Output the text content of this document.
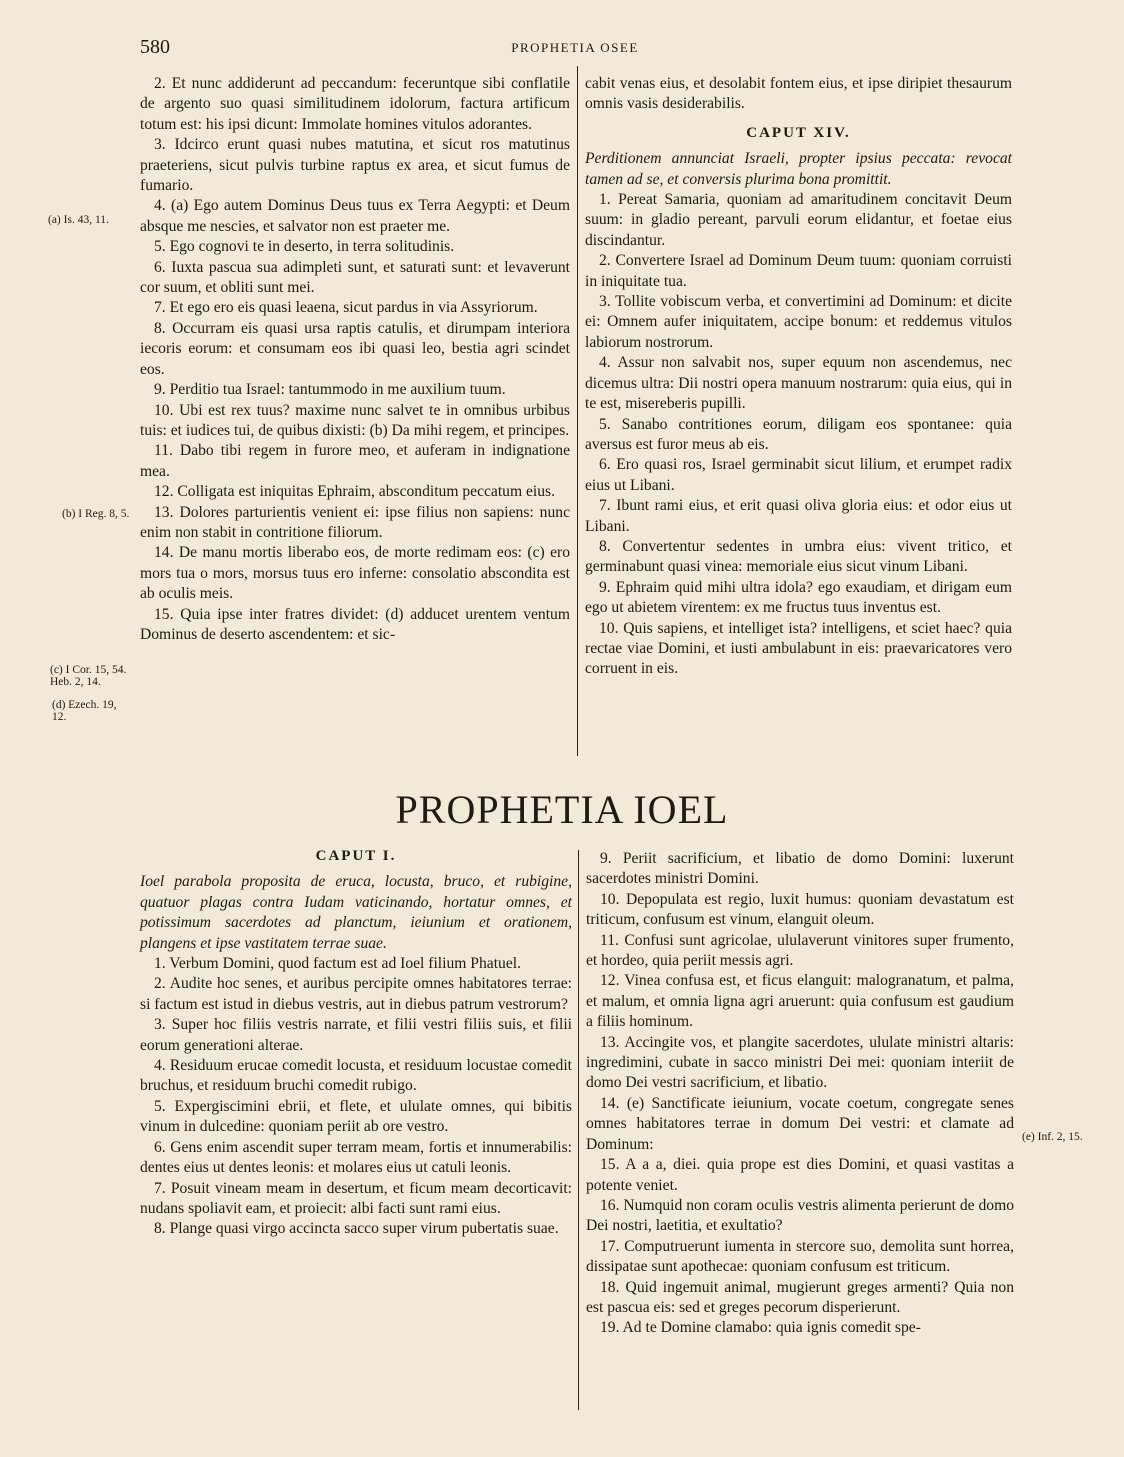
580	PROPHETIA OSEE

2. Et nunc addiderunt ad peccandum: feceruntque sibi conflatile de argento suo quasi similitudinem idolorum, factura artificum totum est: his ipsi dicunt: Immolate homines vitulos adorantes.

3. Idcirco erunt quasi nubes matutina, et sicut ros matutinus praeteriens, sicut pulvis turbine raptus ex area, et sicut fumus de fumario.

4. (a) Ego autem Dominus Deus tuus ex Terra Aegypti: et Deum absque me nescies, et salvator non est praeter me.

5. Ego cognovi te in deserto, in terra solitudinis.

6. Iuxta pascua sua adimpleti sunt, et saturati sunt: et levaverunt cor suum, et obliti sunt mei.

7. Et ego ero eis quasi leaena, sicut pardus in via Assyriorum.

8. Occurram eis quasi ursa raptis catulis, et dirumpam interiora iecoris eorum: et consumam eos ibi quasi leo, bestia agri scindet eos.

9. Perditio tua Israel: tantummodo in me auxilium tuum.

10. Ubi est rex tuus? maxime nunc salvet te in omnibus urbibus tuis: et iudices tui, de quibus dixisti: (b) Da mihi regem, et principes.

11. Dabo tibi regem in furore meo, et auferam in indignatione mea.

12. Colligata est iniquitas Ephraim, absconditum peccatum eius.

13. Dolores parturientis venient ei: ipse filius non sapiens: nunc enim non stabit in contritione filiorum.

14. De manu mortis liberabo eos, de morte redimam eos: (c) ero mors tua o mors, morsus tuus ero inferne: consolatio abscondita est ab oculis meis.

15. Quia ipse inter fratres dividet: (d) adducet urentem ventum Dominus de deserto ascendentem: et sic-

cabit venas eius, et desolabit fontem eius, et ipse diripiet thesaurum omnis vasis desiderabilis.

CAPUT XIV.

Perditionem annunciat Israeli, propter ipsius peccata: revocat tamen ad se, et conversis plurima bona promittit.

1. Pereat Samaria, quoniam ad amaritudinem concitavit Deum suum: in gladio pereant, parvuli eorum elidantur, et foetae eius discindantur.

2. Convertere Israel ad Dominum Deum tuum: quoniam corruisti in iniquitate tua.

3. Tollite vobiscum verba, et convertimini ad Dominum: et dicite ei: Omnem aufer iniquitatem, accipe bonum: et reddemus vitulos labiorum nostrorum.

4. Assur non salvabit nos, super equum non ascendemus, nec dicemus ultra: Dii nostri opera manuum nostrarum: quia eius, qui in te est, misereberis pupilli.

5. Sanabo contritiones eorum, diligam eos spontanee: quia aversus est furor meus ab eis.

6. Ero quasi ros, Israel germinabit sicut lilium, et erumpet radix eius ut Libani.

7. Ibunt rami eius, et erit quasi oliva gloria eius: et odor eius ut Libani.

8. Convertentur sedentes in umbra eius: vivent tritico, et germinabunt quasi vinea: memoriale eius sicut vinum Libani.

9. Ephraim quid mihi ultra idola? ego exaudiam, et dirigam eum ego ut abietem virentem: ex me fructus tuus inventus est.

10. Quis sapiens, et intelliget ista? intelligens, et sciet haec? quia rectae viae Domini, et iusti ambulabunt in eis: praevaricatores vero corruent in eis.

PROPHETIA IOEL
CAPUT I.

Ioel parabola proposita de eruca, locusta, bruco, et rubigine, quatuor plagas contra Iudam vaticinando, hortatur omnes, et potissimum sacerdotes ad planctum, ieiunium et orationem, plangens et ipse vastitatem terrae suae.

1. Verbum Domini, quod factum est ad Ioel filium Phatuel.

2. Audite hoc senes, et auribus percipite omnes habitatores terrae: si factum est istud in diebus vestris, aut in diebus patrum vestrorum?

3. Super hoc filiis vestris narrate, et filii vestri filiis suis, et filii eorum generationi alterae.

4. Residuum erucae comedit locusta, et residuum locustae comedit bruchus, et residuum bruchi comedit rubigo.

5. Expergiscimini ebrii, et flete, et ululate omnes, qui bibitis vinum in dulcedine: quoniam periit ab ore vestro.

6. Gens enim ascendit super terram meam, fortis et innumerabilis: dentes eius ut dentes leonis: et molares eius ut catuli leonis.

7. Posuit vineam meam in desertum, et ficum meam decorticavit: nudans spoliavit eam, et proiecit: albi facti sunt rami eius.

8. Plange quasi virgo accincta sacco super virum pubertatis suae.

9. Periit sacrificium, et libatio de domo Domini: luxerunt sacerdotes ministri Domini.

10. Depopulata est regio, luxit humus: quoniam devastatum est triticum, confusum est vinum, elanguit oleum.

11. Confusi sunt agricolae, ululaverunt vinitores super frumento, et hordeo, quia periit messis agri.

12. Vinea confusa est, et ficus elanguit: malogranatum, et palma, et malum, et omnia ligna agri aruerunt: quia confusum est gaudium a filiis hominum.

13. Accingite vos, et plangite sacerdotes, ululate ministri altaris: ingredimini, cubate in sacco ministri Dei mei: quoniam interiit de domo Dei vestri sacrificium, et libatio.

14. (e) Sanctificate ieiunium, vocate coetum, congregate senes omnes habitatores terrae in domum Dei vestri: et clamate ad Dominum:

15. A a a, diei. quia prope est dies Domini, et quasi vastitas a potente veniet.

16. Numquid non coram oculis vestris alimenta perierunt de domo Dei nostri, laetitia, et exultatio?

17. Computruerunt iumenta in stercore suo, demolita sunt horrea, dissipatae sunt apothecae: quoniam confusum est triticum.

18. Quid ingemuit animal, mugierunt greges armenti? Quia non est pascua eis: sed et greges pecorum disperierunt.

19. Ad te Domine clamabo: quia ignis comedit spe-

(a) Is. 43, 11.
(b) I Reg. 8, 5.
(c) I Cor. 15, 54. Heb. 2, 14.
(d) Ezech. 19, 12.
(e) Inf. 2, 15.
